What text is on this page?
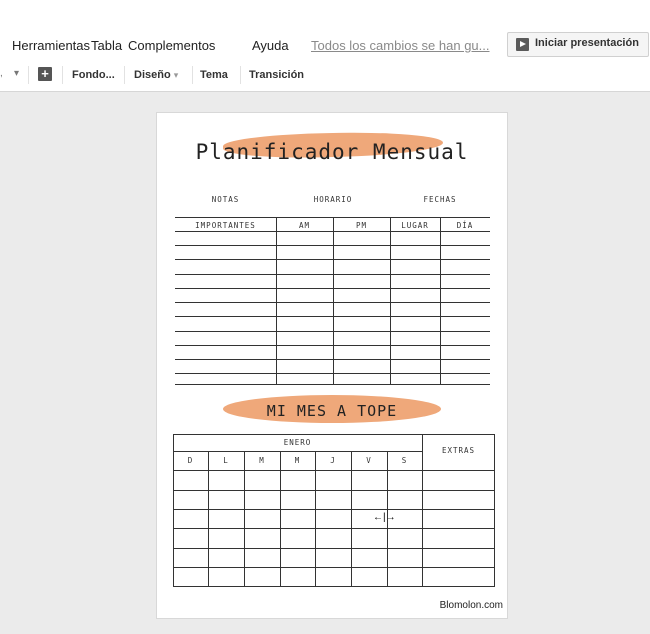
Herramientas Tabla Complementos	Ayuda Todos los cambios se han gu...	Iniciar presentación
, ▾ + Fondo... Diseño ▾ Tema Transición
Planificador Mensual
NOTAS	HORARIO	FECHAS
IMPORTANTES	AM	PM	LUGAR	DÍA
MI MES A TOPE
ENERO
EXTRAS
D	L	M	M	J	V	S
←|→
Blomolon.com
